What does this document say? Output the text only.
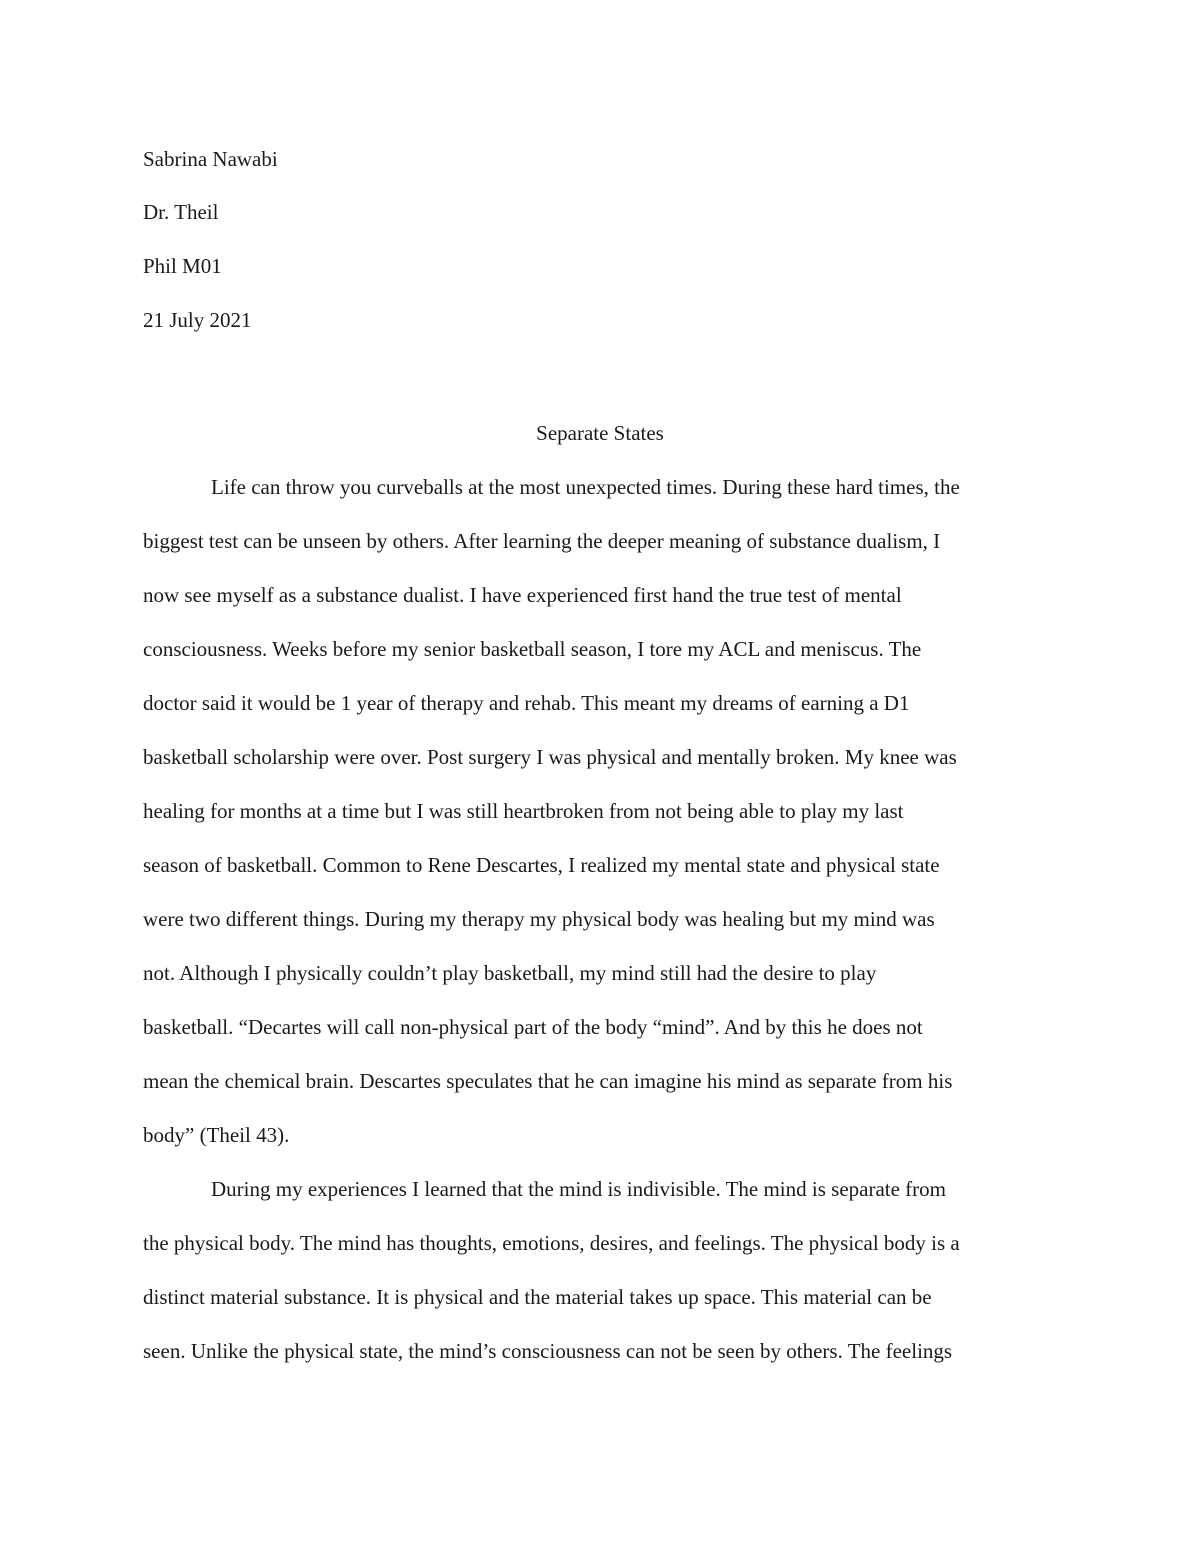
Sabrina Nawabi
Dr. Theil
Phil M01
21 July 2021
Separate States
Life can throw you curveballs at the most unexpected times. During these hard times, the
biggest test can be unseen by others. After learning the deeper meaning of substance dualism, I
now see myself as a substance dualist. I have experienced first hand the true test of mental
consciousness. Weeks before my senior basketball season, I tore my ACL and meniscus. The
doctor said it would be 1 year of therapy and rehab. This meant my dreams of earning a D1
basketball scholarship were over. Post surgery I was physical and mentally broken. My knee was
healing for months at a time but I was still heartbroken from not being able to play my last
season of basketball. Common to Rene Descartes, I realized my mental state and physical state
were two different things. During my therapy my physical body was healing but my mind was
not. Although I physically couldn’t play basketball, my mind still had the desire to play
basketball. “Decartes will call non-physical part of the body “mind”. And by this he does not
mean the chemical brain. Descartes speculates that he can imagine his mind as separate from his
body” (Theil 43).
During my experiences I learned that the mind is indivisible. The mind is separate from
the physical body. The mind has thoughts, emotions, desires, and feelings. The physical body is a
distinct material substance. It is physical and the material takes up space. This material can be
seen. Unlike the physical state, the mind’s consciousness can not be seen by others. The feelings
